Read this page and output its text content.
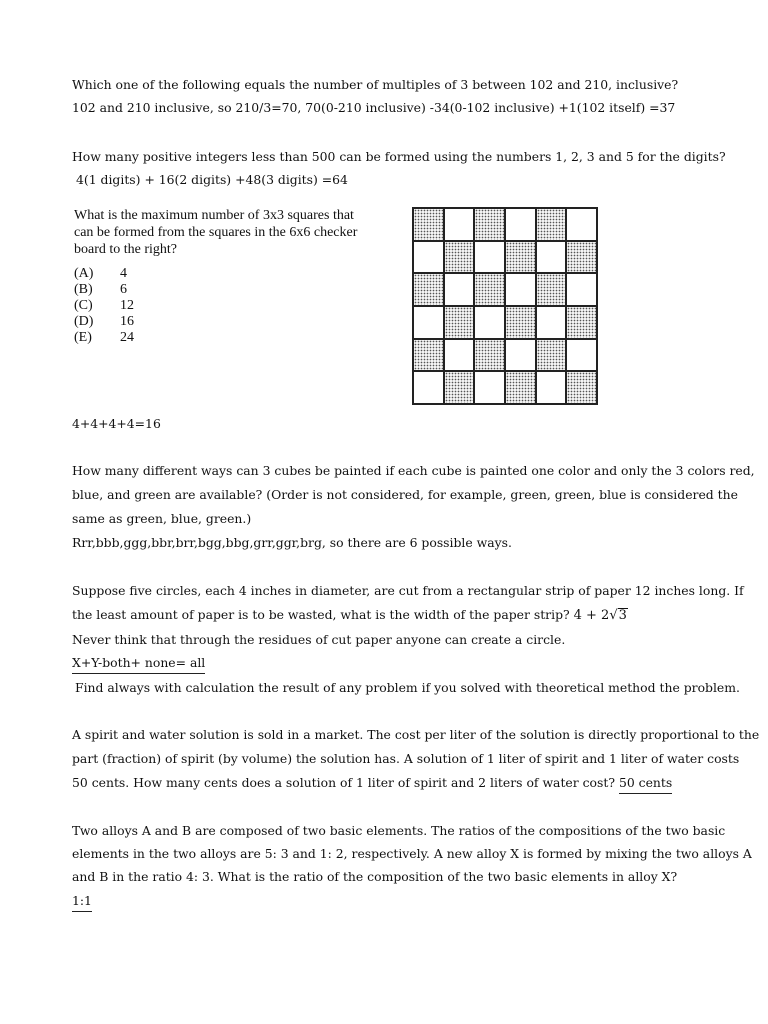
Which one of the following equals the number of multiples of 3 between 102 and 210, inclusive?
102 and 210 inclusive, so 210/3=70, 70(0-210 inclusive) -34(0-102 inclusive) +1(102 itself) =37
How many positive integers less than 500 can be formed using the numbers 1, 2, 3 and 5 for the digits?
4(1 digits) + 16(2 digits) +48(3 digits) =64
What is the maximum number of 3x3 squares that
can be formed from the squares in the 6x6 checker
board to the right?
(A)	4
(B)	6
(C)	12
(D)	16
(E)	24
4+4+4+4=16
How many different ways can 3 cubes be painted if each cube is painted one color and only the 3 colors red,
blue, and green are available? (Order is not considered, for example, green, green, blue is considered the
same as green, blue, green.)
Rrr,bbb,ggg,bbr,brr,bgg,bbg,grr,ggr,brg, so there are 6 possible ways.
Suppose five circles, each 4 inches in diameter, are cut from a rectangular strip of paper 12 inches long. If
the least amount of paper is to be wasted, what is the width of the paper strip? 4 + 2√3
Never think that through the residues of cut paper anyone can create a circle.
X+Y-both+ none= all
Find always with calculation the result of any problem if you solved with theoretical method the problem.
A spirit and water solution is sold in a market. The cost per liter of the solution is directly proportional to the
part (fraction) of spirit (by volume) the solution has. A solution of 1 liter of spirit and 1 liter of water costs
50 cents. How many cents does a solution of 1 liter of spirit and 2 liters of water cost? 50 cents
Two alloys A and B are composed of two basic elements. The ratios of the compositions of the two basic
elements in the two alloys are 5: 3 and 1: 2, respectively. A new alloy X is formed by mixing the two alloys A
and B in the ratio 4: 3. What is the ratio of the composition of the two basic elements in alloy X?
1:1
